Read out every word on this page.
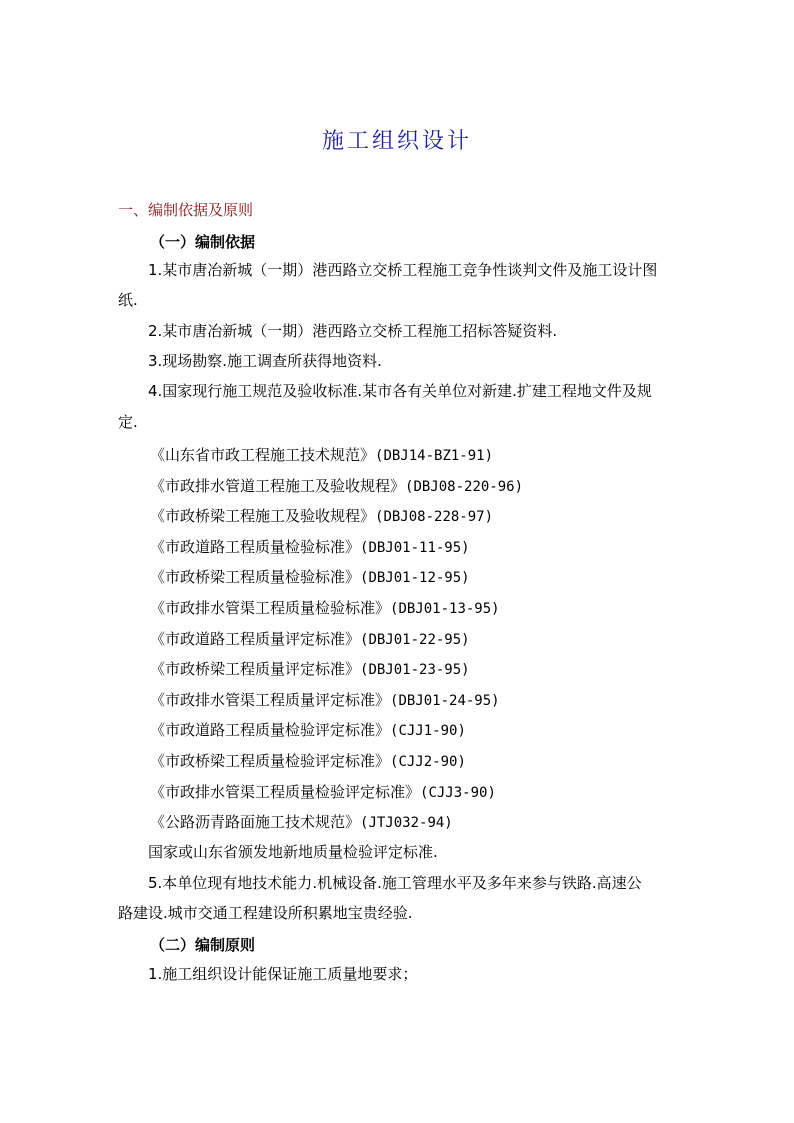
施工组织设计
一、编制依据及原则
（一）编制依据
1.某市唐冶新城（一期）港西路立交桥工程施工竞争性谈判文件及施工设计图
纸.
2.某市唐冶新城（一期）港西路立交桥工程施工招标答疑资料.
3.现场勘察.施工调查所获得地资料.
4.国家现行施工规范及验收标准.某市各有关单位对新建.扩建工程地文件及规
定.
《山东省市政工程施工技术规范》(DBJ14-BZ1-91)
《市政排水管道工程施工及验收规程》(DBJ08-220-96)
《市政桥梁工程施工及验收规程》(DBJ08-228-97)
《市政道路工程质量检验标准》(DBJ01-11-95)
《市政桥梁工程质量检验标准》(DBJ01-12-95)
《市政排水管渠工程质量检验标准》(DBJ01-13-95)
《市政道路工程质量评定标准》(DBJ01-22-95)
《市政桥梁工程质量评定标准》(DBJ01-23-95)
《市政排水管渠工程质量评定标准》(DBJ01-24-95)
《市政道路工程质量检验评定标准》(CJJ1-90)
《市政桥梁工程质量检验评定标准》(CJJ2-90)
《市政排水管渠工程质量检验评定标准》(CJJ3-90)
《公路沥青路面施工技术规范》(JTJ032-94)
国家或山东省颁发地新地质量检验评定标准.
5.本单位现有地技术能力.机械设备.施工管理水平及多年来参与铁路.高速公
路建设.城市交通工程建设所积累地宝贵经验.
（二）编制原则
1.施工组织设计能保证施工质量地要求；
